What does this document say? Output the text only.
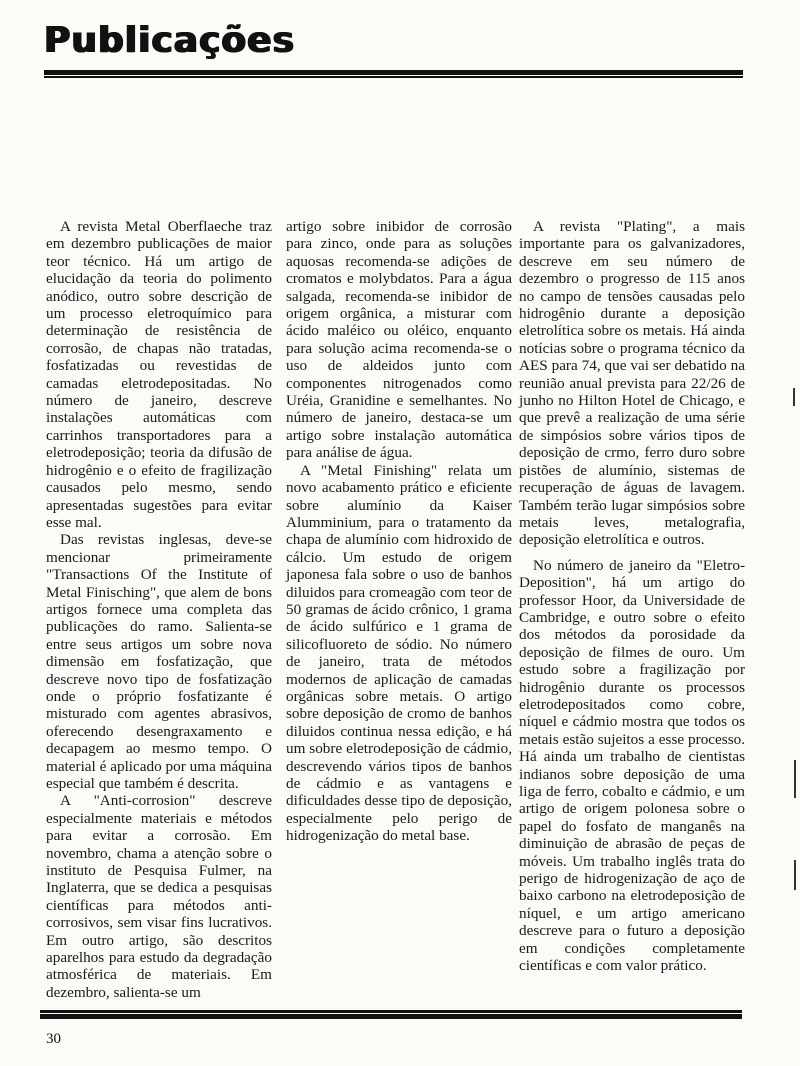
Publicações

A revista Metal Oberflaeche traz em dezembro publicações de maior teor técnico. Há um artigo de elucidação da teoria do polimento anódico, outro sobre descrição de um processo eletroquímico para determinação de resistência de corrosão, de chapas não tratadas, fosfatizadas ou revestidas de camadas eletrodepositadas. No número de janeiro, descreve instalações automáticas com carrinhos transportadores para a eletrodeposição; teoria da difusão de hidrogênio e o efeito de fragilização causados pelo mesmo, sendo apresentadas sugestões para evitar esse mal.

Das revistas inglesas, deve-se mencionar primeiramente "Transactions Of the Institute of Metal Finisching", que alem de bons artigos fornece uma completa das publicações do ramo. Salienta-se entre seus artigos um sobre nova dimensão em fosfatização, que descreve novo tipo de fosfatização onde o próprio fosfatizante é misturado com agentes abrasivos, oferecendo desengraxamento e decapagem ao mesmo tempo. O material é aplicado por uma máquina especial que também é descrita.

A "Anti-corrosion" descreve especialmente materiais e métodos para evitar a corrosão. Em novembro, chama a atenção sobre o instituto de Pesquisa Fulmer, na Inglaterra, que se dedica a pesquisas científicas para métodos anti-corrosivos, sem visar fins lucrativos. Em outro artigo, são descritos aparelhos para estudo da degradação atmosférica de materiais. Em dezembro, salienta-se um

artigo sobre inibidor de corrosão para zinco, onde para as soluções aquosas recomenda-se adições de cromatos e molybdatos. Para a água salgada, recomenda-se inibidor de origem orgânica, a misturar com ácido maléico ou oléico, enquanto para solução acima recomenda-se o uso de aldeidos junto com componentes nitrogenados como Uréia, Granidine e semelhantes. No número de janeiro, destaca-se um artigo sobre instalação automática para análise de água.

A "Metal Finishing" relata um novo acabamento prático e eficiente sobre alumínio da Kaiser Alumminium, para o tratamento da chapa de alumínio com hidroxido de cálcio. Um estudo de origem japonesa fala sobre o uso de banhos diluidos para cromeagão com teor de 50 gramas de ácido crônico, 1 grama de ácido sulfúrico e 1 grama de silicofluoreto de sódio. No número de janeiro, trata de métodos modernos de aplicação de camadas orgânicas sobre metais. O artigo sobre deposição de cromo de banhos diluidos continua nessa edição, e há um sobre eletrodeposição de cádmio, descrevendo vários tipos de banhos de cádmio e as vantagens e dificuldades desse tipo de deposição, especialmente pelo perigo de hidrogenização do metal base.

A revista "Plating", a mais importante para os galvanizadores, descreve em seu número de dezembro o progresso de 115 anos no campo de tensões causadas pelo hidrogênio durante a deposição eletrolítica sobre os metais. Há ainda notícias sobre o programa técnico da AES para 74, que vai ser debatido na reunião anual prevista para 22/26 de junho no Hilton Hotel de Chicago, e que prevê a realização de uma série de simpósios sobre vários tipos de deposição de crmo, ferro duro sobre pistões de alumínio, sistemas de recuperação de águas de lavagem. Também terão lugar simpósios sobre metais leves, metalografia, deposição eletrolítica e outros.

No número de janeiro da "Eletro-Deposition", há um artigo do professor Hoor, da Universidade de Cambridge, e outro sobre o efeito dos métodos da porosidade da deposição de filmes de ouro. Um estudo sobre a fragilização por hidrogênio durante os processos eletrodepositados como cobre, níquel e cádmio mostra que todos os metais estão sujeitos a esse processo. Há ainda um trabalho de cientistas indianos sobre deposição de uma liga de ferro, cobalto e cádmio, e um artigo de origem polonesa sobre o papel do fosfato de manganês na diminuição de abrasão de peças de móveis. Um trabalho inglês trata do perigo de hidrogenização de aço de baixo carbono na eletrodeposição de níquel, e um artigo americano descreve para o futuro a deposição em condições completamente científicas e com valor prático.

30
